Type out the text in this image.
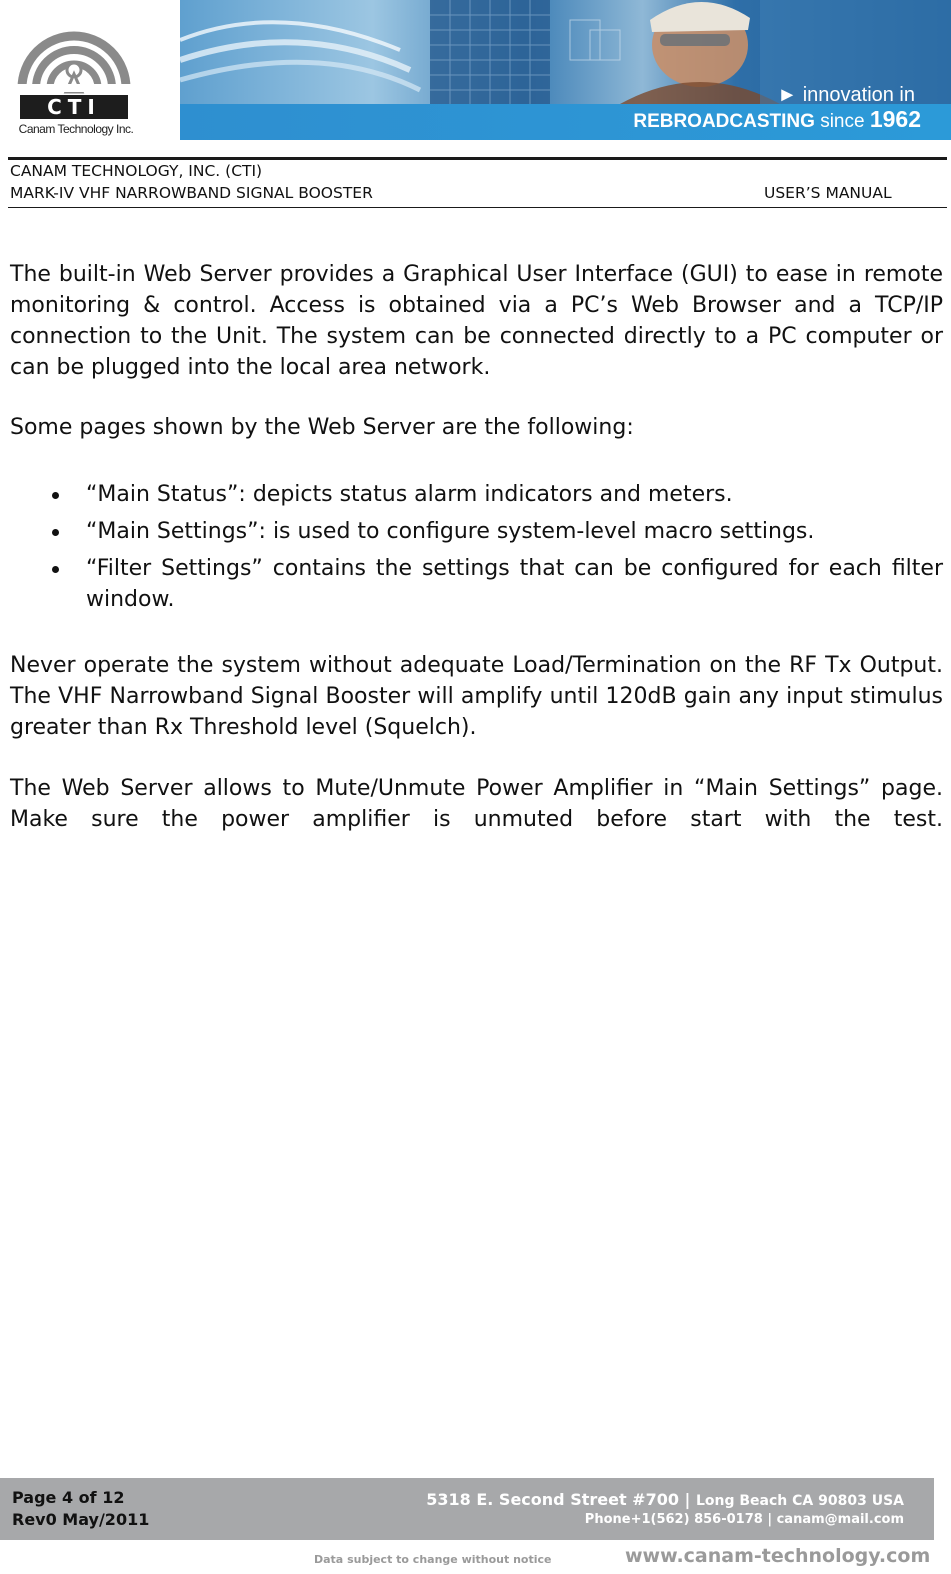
CTI
Canam Technology Inc.
► innovation in
REBROADCASTING since 1962
CANAM TECHNOLOGY, INC. (CTI)
MARK-IV VHF NARROWBAND SIGNAL BOOSTER	USER’S MANUAL

The built-in Web Server provides a Graphical User Interface (GUI) to ease in remote monitoring & control. Access is obtained via a PC’s Web Browser and a TCP/IP connection to the Unit. The system can be connected directly to a PC computer or can be plugged into the local area network.

Some pages shown by the Web Server are the following:

“Main Status”: depicts status alarm indicators and meters.
“Main Settings”: is used to configure system-level macro settings.
“Filter Settings” contains the settings that can be configured for each filter window.

Never operate the system without adequate Load/Termination on the RF Tx Output. The VHF Narrowband Signal Booster will amplify until 120dB gain any input stimulus greater than Rx Threshold level (Squelch).

The Web Server allows to Mute/Unmute Power Amplifier in “Main Settings” page. Make sure the power amplifier is unmuted before start with the test.

Page 4 of 12
Rev0 May/2011
5318 E. Second Street #700 | Long Beach CA 90803 USA
Phone+1(562) 856-0178 | canam@mail.com
Data subject to change without notice	www.canam-technology.com
